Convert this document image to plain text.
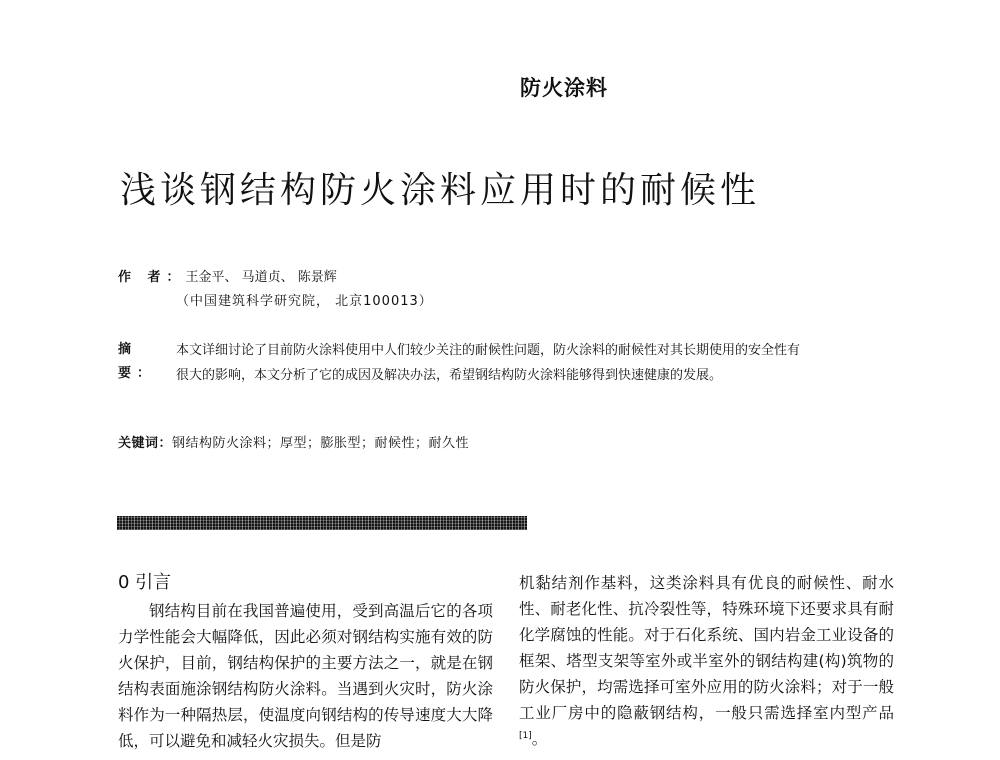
防火涂料
浅谈钢结构防火涂料应用时的耐候性
作 者：王金平、 马道贞、 陈景辉
（中国建筑科学研究院， 北京100013）
摘 要：
本文详细讨论了目前防火涂料使用中人们较少关注的耐候性问题，防火涂料的耐候性对其长期使用的安全性有很大的影响，本文分析了它的成因及解决办法，希望钢结构防火涂料能够得到快速健康的发展。
关键词：钢结构防火涂料；厚型；膨胀型；耐候性；耐久性
0 引言

钢结构目前在我国普遍使用，受到高温后它的各项力学性能会大幅降低，因此必须对钢结构实施有效的防火保护，目前，钢结构保护的主要方法之一，就是在钢结构表面施涂钢结构防火涂料。当遇到火灾时，防火涂料作为一种隔热层，使温度向钢结构的传导速度大大降低，可以避免和减轻火灾损失。但是防

机黏结剂作基料，这类涂料具有优良的耐候性、耐水性、耐老化性、抗冷裂性等，特殊环境下还要求具有耐化学腐蚀的性能。对于石化系统、国内岩金工业设备的框架、塔型支架等室外或半室外的钢结构建(构)筑物的防火保护，均需选择可室外应用的防火涂料；对于一般工业厂房中的隐蔽钢结构，一般只需选择室内型产品[1]。
